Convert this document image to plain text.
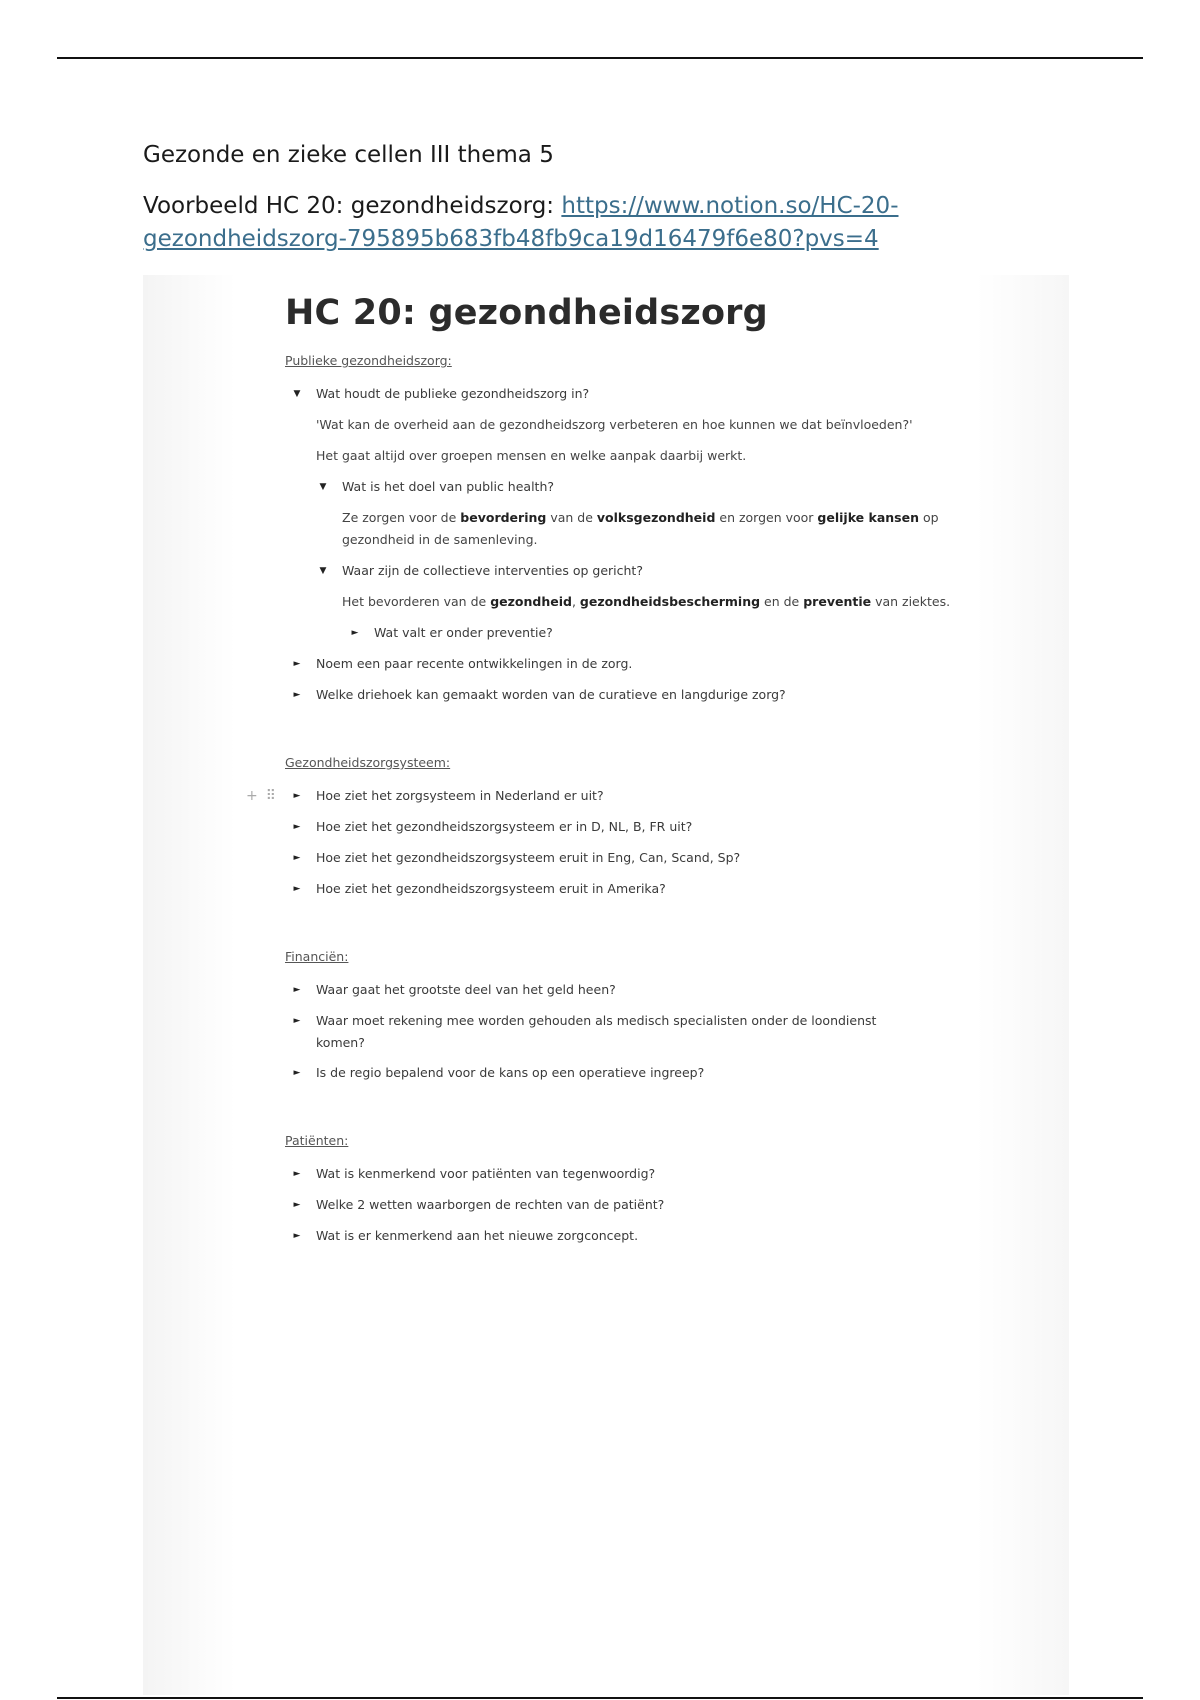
Gezonde en zieke cellen III thema 5
Voorbeeld HC 20: gezondheidszorg: https://www.notion.so/HC-20-gezondheidszorg-795895b683fb48fb9ca19d16479f6e80?pvs=4
HC 20: gezondheidszorg
Publieke gezondheidszorg:
▼	Wat houdt de publieke gezondheidszorg in?
'Wat kan de overheid aan de gezondheidszorg verbeteren en hoe kunnen we dat beïnvloeden?'
Het gaat altijd over groepen mensen en welke aanpak daarbij werkt.
▼	Wat is het doel van public health?
Ze zorgen voor de bevordering van de volksgezondheid en zorgen voor gelijke kansen op gezondheid in de samenleving.
▼	Waar zijn de collectieve interventies op gericht?
Het bevorderen van de gezondheid, gezondheidsbescherming en de preventie van ziektes.
►	Wat valt er onder preventie?
►	Noem een paar recente ontwikkelingen in de zorg.
►	Welke driehoek kan gemaakt worden van de curatieve en langdurige zorg?
Gezondheidszorgsysteem:
+ ⠿	►	Hoe ziet het zorgsysteem in Nederland er uit?
►	Hoe ziet het gezondheidszorgsysteem er in D, NL, B, FR uit?
►	Hoe ziet het gezondheidszorgsysteem eruit in Eng, Can, Scand, Sp?
►	Hoe ziet het gezondheidszorgsysteem eruit in Amerika?
Financiën:
►	Waar gaat het grootste deel van het geld heen?
►	Waar moet rekening mee worden gehouden als medisch specialisten onder de loondienst komen?
►	Is de regio bepalend voor de kans op een operatieve ingreep?
Patiënten:
►	Wat is kenmerkend voor patiënten van tegenwoordig?
►	Welke 2 wetten waarborgen de rechten van de patiënt?
►	Wat is er kenmerkend aan het nieuwe zorgconcept.
